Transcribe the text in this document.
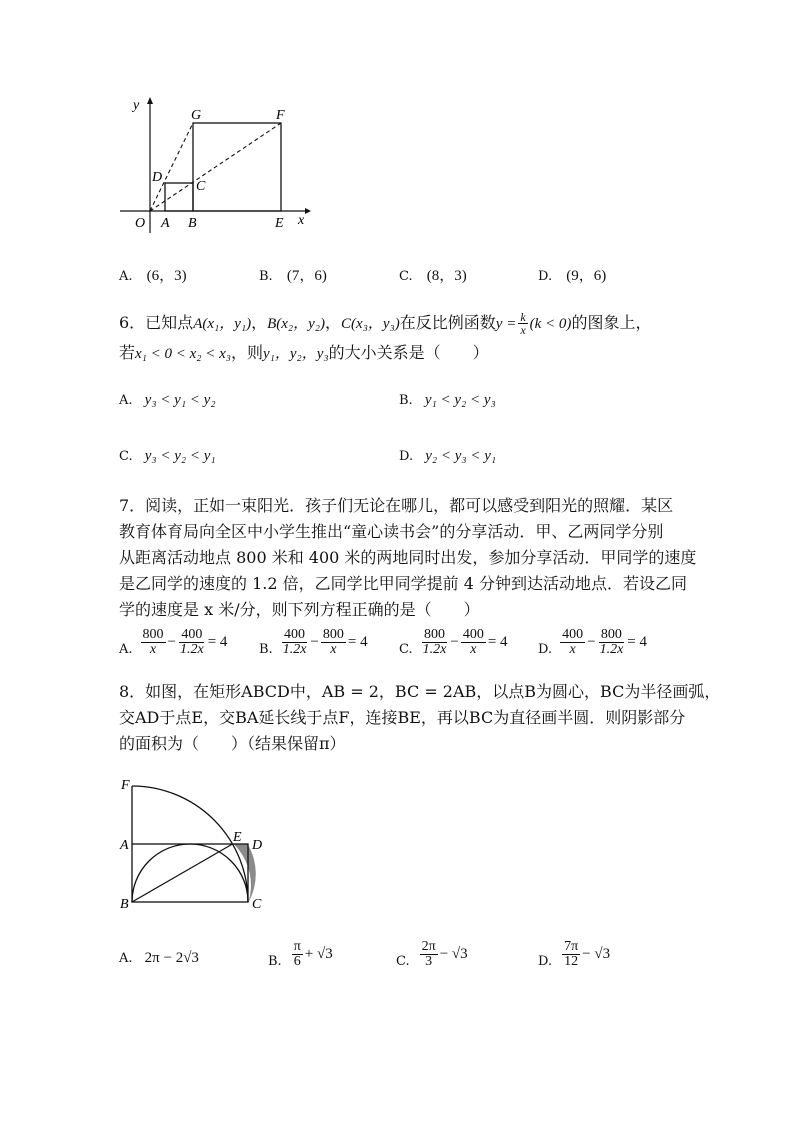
y
x
O A B	E
D
C
G	F
A. (6，3)	B. (7，6)	C. (8，3)	D. (9，6)
6．已知点A(x₁，y₁)，B(x₂，y₂)，C(x₃，y₃)在反比例函数$y = \frac{k}{x} (k < 0)$的图象上，
若x₁ < 0 < x₂ < x₃，则y₁，y₂，y₃的大小关系是（　　）
A. y₃ < y₁ < y₂	B. y₁ < y₂ < y₃
C. y₃ < y₂ < y₁	D. y₂ < y₃ < y₁
7．阅读，正如一束阳光．孩子们无论在哪儿，都可以感受到阳光的照耀．某区
教育体育局向全区中小学生推出“童心读书会”的分享活动．甲、乙两同学分别
从距离活动地点 800 米和 400 米的两地同时出发，参加分享活动．甲同学的速度
是乙同学的速度的 1.2 倍，乙同学比甲同学提前 4 分钟到达活动地点．若设乙同
学的速度是 x 米/分，则下列方程正确的是（　　）
A. $\frac{800}{x} - \frac{400}{1.2x} = 4$ B. $\frac{400}{1.2x} - \frac{800}{x} = 4$ C. $\frac{800}{1.2x} - \frac{400}{x} = 4$ D. $\frac{400}{x} - \frac{800}{1.2x} = 4$
8．如图，在矩形ABCD中，AB = 2，BC = 2AB，以点B为圆心，BC为半径画弧，
交AD于点E，交BA延长线于点F，连接BE，再以BC为直径画半圆．则阴影部分
的面积为（　　）（结果保留π）
F
A
E
D
B	C
A. 2π − 2√3	B. $\frac{\pi}{6} + √3$	C. $\frac{2\pi}{3} - √3$	D. $\frac{7\pi}{12} - √3$
